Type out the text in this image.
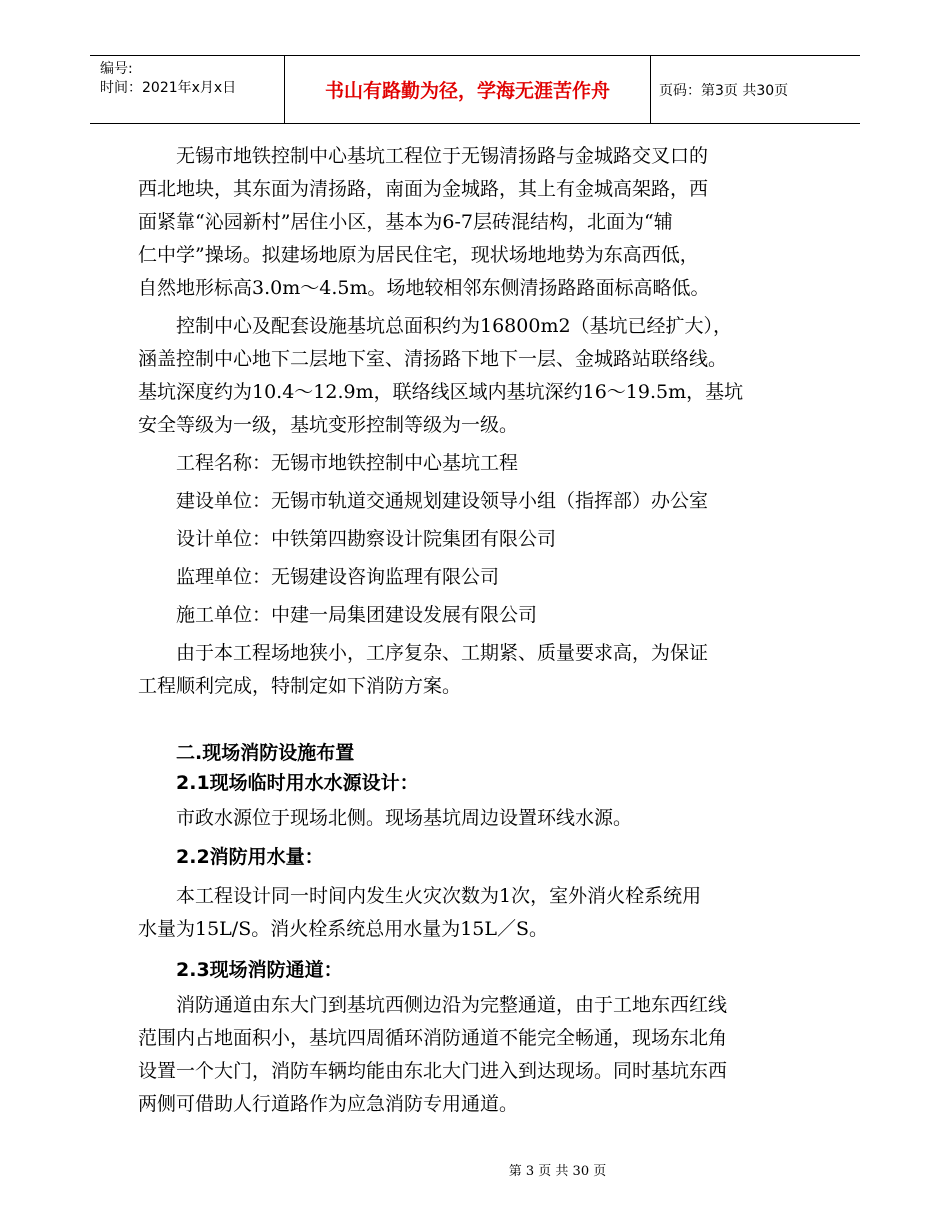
编号:
时间：2021年x月x日	书山有路勤为径，学海无涯苦作舟	页码：第3页 共30页

无锡市地铁控制中心基坑工程位于无锡清扬路与金城路交叉口的
西北地块，其东面为清扬路，南面为金城路，其上有金城高架路，西
面紧靠“沁园新村”居住小区，基本为6-7层砖混结构，北面为“辅
仁中学”操场。拟建场地原为居民住宅，现状场地地势为东高西低，
自然地形标高3.0m～4.5m。场地较相邻东侧清扬路路面标高略低。

控制中心及配套设施基坑总面积约为16800m2（基坑已经扩大），
涵盖控制中心地下二层地下室、清扬路下地下一层、金城路站联络线。
基坑深度约为10.4～12.9m，联络线区域内基坑深约16～19.5m，基坑
安全等级为一级，基坑变形控制等级为一级。

工程名称：无锡市地铁控制中心基坑工程

建设单位：无锡市轨道交通规划建设领导小组（指挥部）办公室

设计单位：中铁第四勘察设计院集团有限公司

监理单位：无锡建设咨询监理有限公司

施工单位：中建一局集团建设发展有限公司

由于本工程场地狭小，工序复杂、工期紧、质量要求高，为保证
工程顺利完成，特制定如下消防方案。

二.现场消防设施布置

2.1现场临时用水水源设计：

市政水源位于现场北侧。现场基坑周边设置环线水源。

2.2消防用水量：

本工程设计同一时间内发生火灾次数为1次，室外消火栓系统用
水量为15L/S。消火栓系统总用水量为15L／S。

2.3现场消防通道：

消防通道由东大门到基坑西侧边沿为完整通道，由于工地东西红线
范围内占地面积小，基坑四周循环消防通道不能完全畅通，现场东北角
设置一个大门，消防车辆均能由东北大门进入到达现场。同时基坑东西
两侧可借助人行道路作为应急消防专用通道。

第 3 页 共 30 页
